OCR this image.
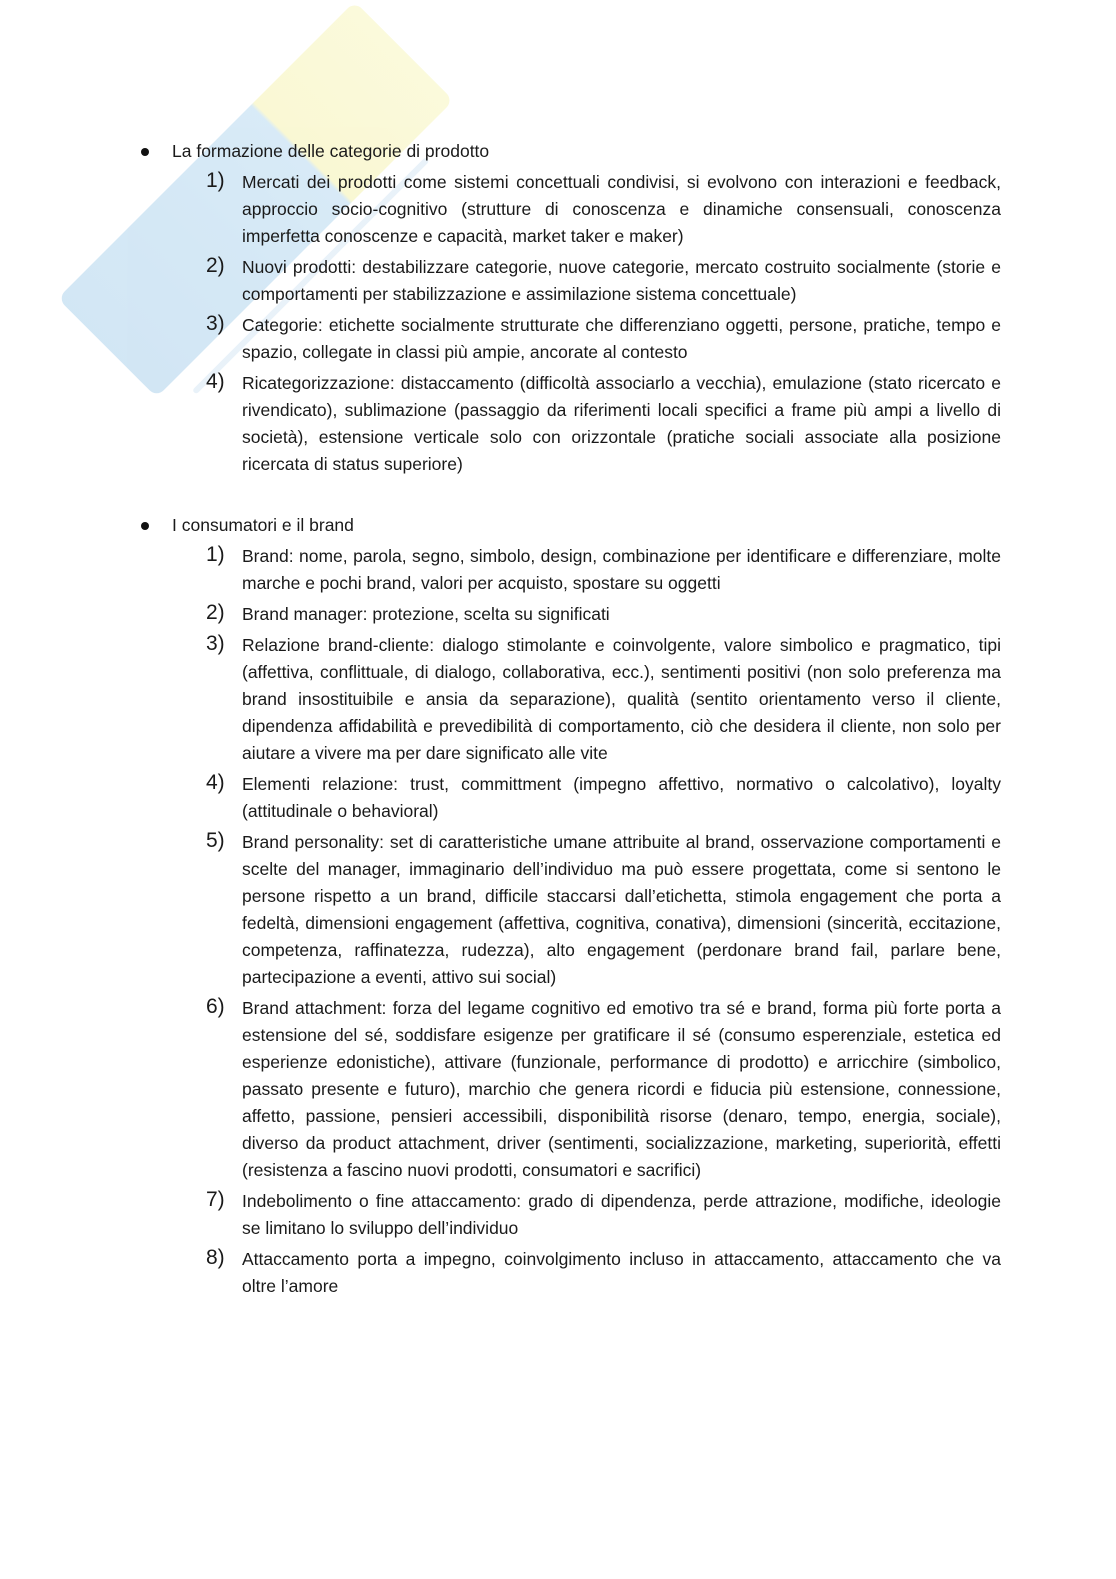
La formazione delle categorie di prodotto
1) Mercati dei prodotti come sistemi concettuali condivisi, si evolvono con interazioni e feedback, approccio socio-cognitivo (strutture di conoscenza e dinamiche consensuali, conoscenza imperfetta conoscenze e capacità, market taker e maker)
2) Nuovi prodotti: destabilizzare categorie, nuove categorie, mercato costruito socialmente (storie e comportamenti per stabilizzazione e assimilazione sistema concettuale)
3) Categorie: etichette socialmente strutturate che differenziano oggetti, persone, pratiche, tempo e spazio, collegate in classi più ampie, ancorate al contesto
4) Ricategorizzazione: distaccamento (difficoltà associarlo a vecchia), emulazione (stato ricercato e rivendicato), sublimazione (passaggio da riferimenti locali specifici a frame più ampi a livello di società), estensione verticale solo con orizzontale (pratiche sociali associate alla posizione ricercata di status superiore)
I consumatori e il brand
1) Brand: nome, parola, segno, simbolo, design, combinazione per identificare e differenziare, molte marche e pochi brand, valori per acquisto, spostare su oggetti
2) Brand manager: protezione, scelta su significati
3) Relazione brand-cliente: dialogo stimolante e coinvolgente, valore simbolico e pragmatico, tipi (affettiva, conflittuale, di dialogo, collaborativa, ecc.), sentimenti positivi (non solo preferenza ma brand insostituibile e ansia da separazione), qualità (sentito orientamento verso il cliente, dipendenza affidabilità e prevedibilità di comportamento, ciò che desidera il cliente, non solo per aiutare a vivere ma per dare significato alle vite
4) Elementi relazione: trust, committment (impegno affettivo, normativo o calcolativo), loyalty (attitudinale o behavioral)
5) Brand personality: set di caratteristiche umane attribuite al brand, osservazione comportamenti e scelte del manager, immaginario dell’individuo ma può essere progettata, come si sentono le persone rispetto a un brand, difficile staccarsi dall’etichetta, stimola engagement che porta a fedeltà, dimensioni engagement (affettiva, cognitiva, conativa), dimensioni (sincerità, eccitazione, competenza, raffinatezza, rudezza), alto engagement (perdonare brand fail, parlare bene, partecipazione a eventi, attivo sui social)
6) Brand attachment: forza del legame cognitivo ed emotivo tra sé e brand, forma più forte porta a estensione del sé, soddisfare esigenze per gratificare il sé (consumo esperenziale, estetica ed esperienze edonistiche), attivare (funzionale, performance di prodotto) e arricchire (simbolico, passato presente e futuro), marchio che genera ricordi e fiducia più estensione, connessione, affetto, passione, pensieri accessibili, disponibilità risorse (denaro, tempo, energia, sociale), diverso da product attachment, driver (sentimenti, socializzazione, marketing, superiorità, effetti (resistenza a fascino nuovi prodotti, consumatori e sacrifici)
7) Indebolimento o fine attaccamento: grado di dipendenza, perde attrazione, modifiche, ideologie se limitano lo sviluppo dell’individuo
8) Attaccamento porta a impegno, coinvolgimento incluso in attaccamento, attaccamento che va oltre l’amore
